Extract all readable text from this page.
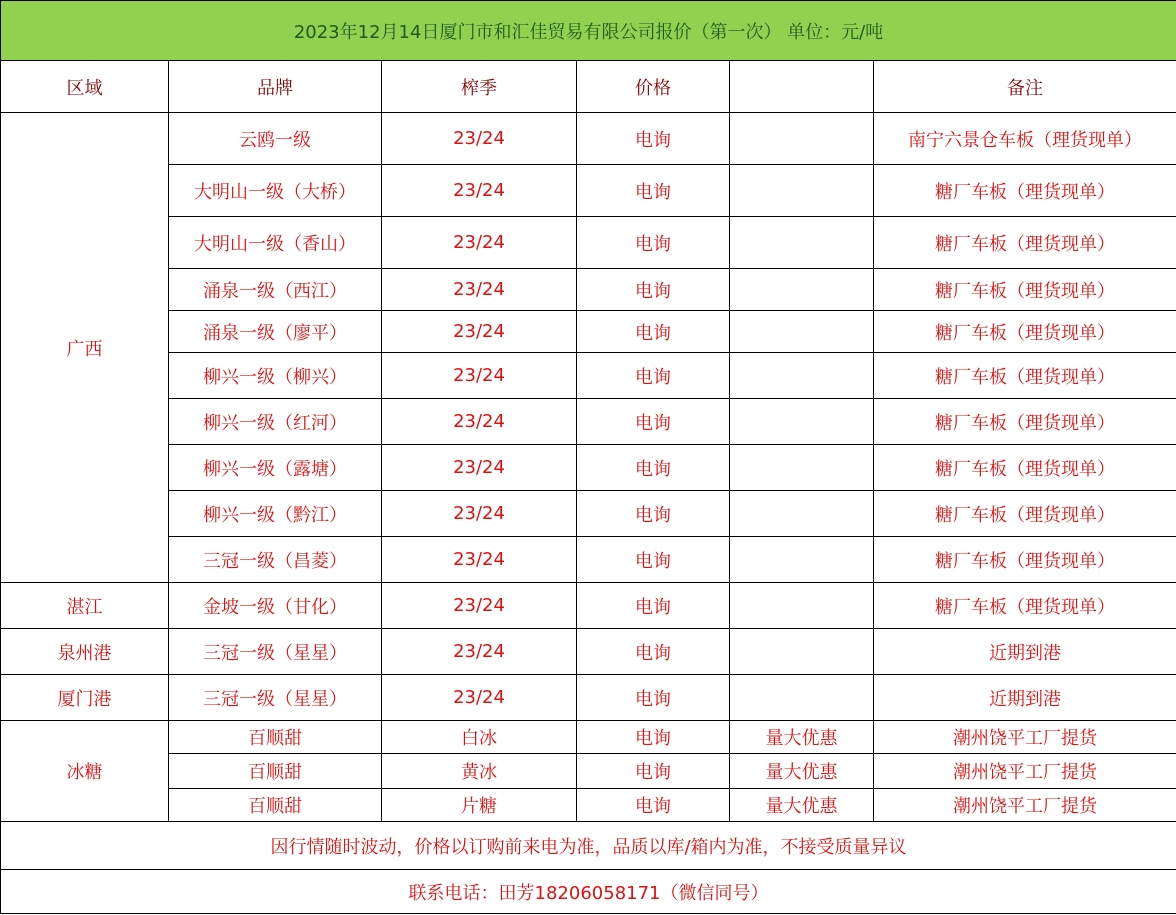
2023年12月14日厦门市和汇佳贸易有限公司报价（第一次） 单位：元/吨					
区域	品牌	榨季	价格		备注
广西	云鸥一级	23/24	电询		南宁六景仓车板（理货现单）
	大明山一级（大桥）	23/24	电询		糖厂车板（理货现单）
	大明山一级（香山）	23/24	电询		糖厂车板（理货现单）
	涌泉一级（西江）	23/24	电询		糖厂车板（理货现单）
	涌泉一级（廖平）	23/24	电询		糖厂车板（理货现单）
	柳兴一级（柳兴）	23/24	电询		糖厂车板（理货现单）
	柳兴一级（红河）	23/24	电询		糖厂车板（理货现单）
	柳兴一级（露塘）	23/24	电询		糖厂车板（理货现单）
	柳兴一级（黔江）	23/24	电询		糖厂车板（理货现单）
	三冠一级（昌菱）	23/24	电询		糖厂车板（理货现单）
湛江	金坡一级（甘化）	23/24	电询		糖厂车板（理货现单）
泉州港	三冠一级（星星）	23/24	电询		近期到港
厦门港	三冠一级（星星）	23/24	电询		近期到港
冰糖	百顺甜	白冰	电询	量大优惠	潮州饶平工厂提货
	百顺甜	黄冰	电询	量大优惠	潮州饶平工厂提货
	百顺甜	片糖	电询	量大优惠	潮州饶平工厂提货
因行情随时波动，价格以订购前来电为准，品质以库/箱内为准，不接受质量异议					
联系电话：田芳18206058171（微信同号）					
